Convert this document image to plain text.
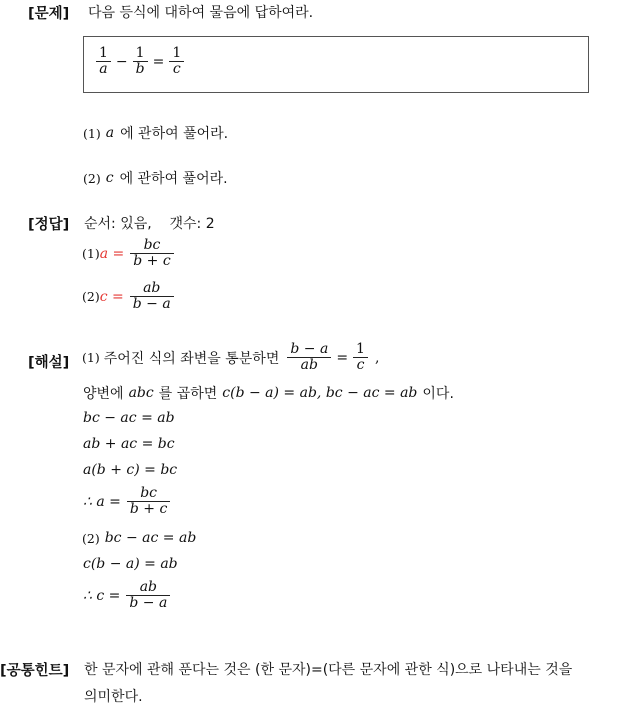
[문제] 다음 등식에 대하여 물음에 답하여라.
$\frac{1}{a} - \frac{1}{b} = \frac{1}{c}$
(1) a 에 관하여 풀어라.
(2) c 에 관하여 풀어라.
[정답] 순서: 있음,    갯수: 2
(1) $a = \frac{bc}{b + c}$
(2) $c = \frac{ab}{b - a}$
[해설] (1) 주어진 식의 좌변을 통분하면 $\frac{b - a}{ab} = \frac{1}{c}$ ,
양변에 abc 를 곱하면 c(b − a) = ab, bc − ac = ab 이다.
bc − ac = ab
ab + ac = bc
a(b + c) = bc
∴ $a = \frac{bc}{b + c}$
(2) bc − ac = ab
c(b − a) = ab
∴ $c = \frac{ab}{b - a}$
[공통힌트] 한 문자에 관해 푼다는 것은 (한 문자)=(다른 문자에 관한 식)으로 나타내는 것을
의미한다.
